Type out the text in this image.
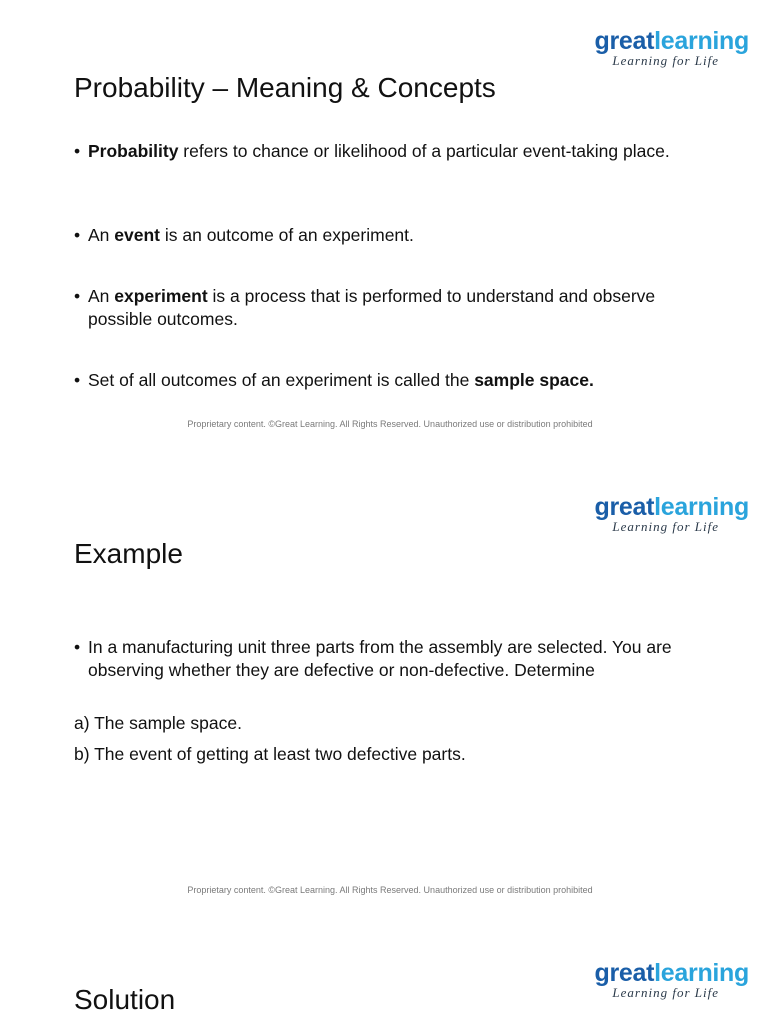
greatlearning
Learning for Life
Probability – Meaning & Concepts
• Probability refers to chance or likelihood of a particular event-taking place.
• An event is an outcome of an experiment.
• An experiment is a process that is performed to understand and observe possible outcomes.
• Set of all outcomes of an experiment is called the sample space.
Proprietary content. ©Great Learning. All Rights Reserved. Unauthorized use or distribution prohibited
greatlearning
Learning for Life
Example
• In a manufacturing unit three parts from the assembly are selected. You are observing whether they are defective or non-defective. Determine
a) The sample space.
b) The event of getting at least two defective parts.
Proprietary content. ©Great Learning. All Rights Reserved. Unauthorized use or distribution prohibited
greatlearning
Learning for Life
Solution
